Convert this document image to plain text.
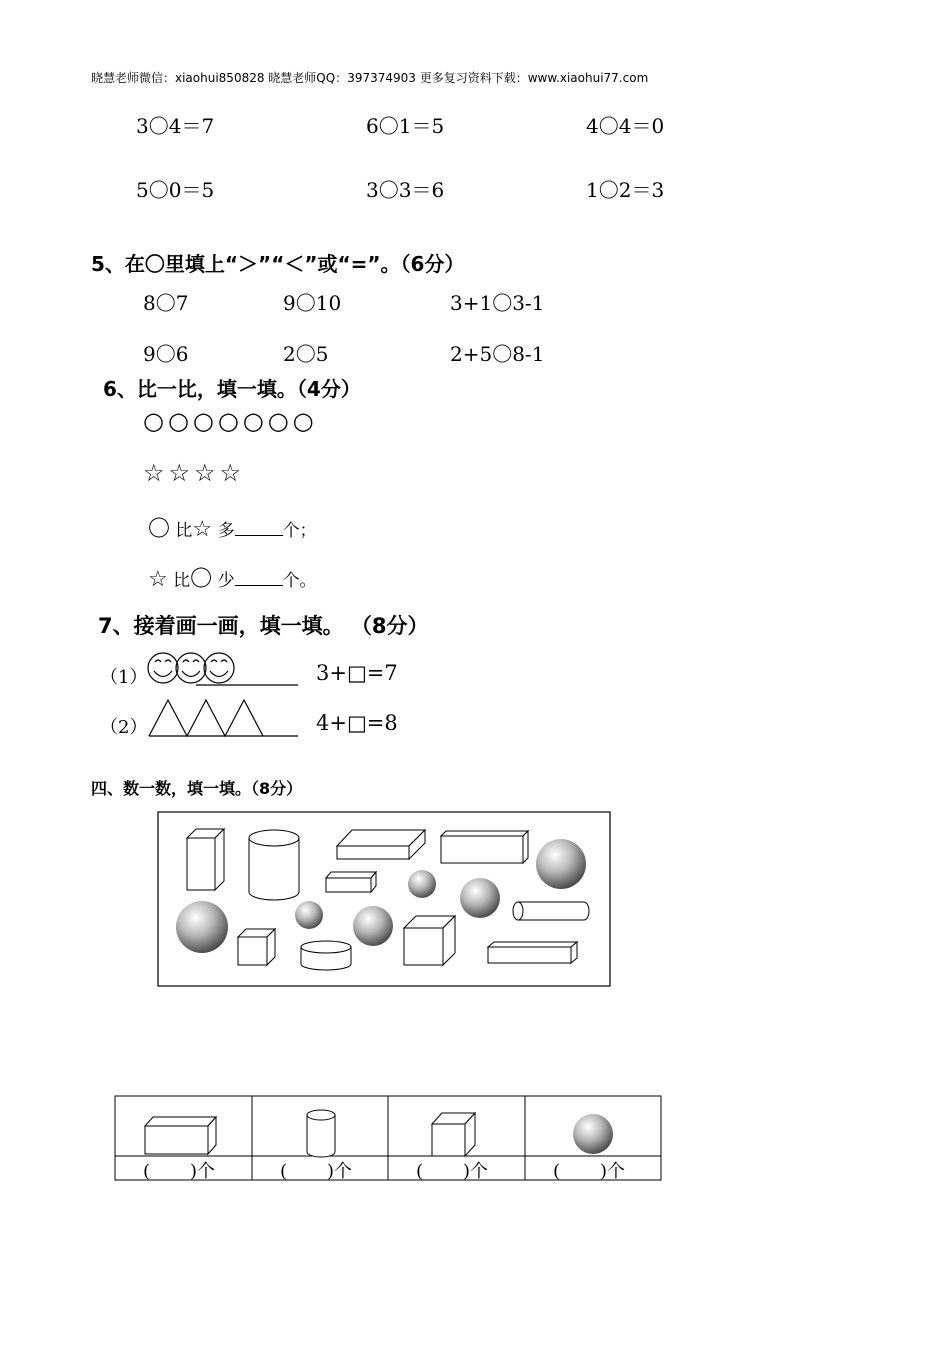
晓慧老师微信：xiaohui850828 晓慧老师QQ：397374903 更多复习资料下载：www.xiaohui77.com
3〇4＝7	6〇1＝5	4〇4＝0
5〇0＝5	3〇3＝6	1〇2＝3
5、在〇里填上“＞”“＜”或“=”。（6分）
8〇7	9〇10	3+1〇3-1
9〇6	2〇5	2+5〇8-1
6、比一比，填一填。（4分）
○○○○○○○
☆☆☆☆
〇 比☆ 多	个；
☆ 比〇 少	个。
7、接着画一画，填一填。 （8分）
（1）	3+□=7
（2）	4+□=8
四、数一数，填一填。（8分）
( )个	( )个	( )个	( )个
